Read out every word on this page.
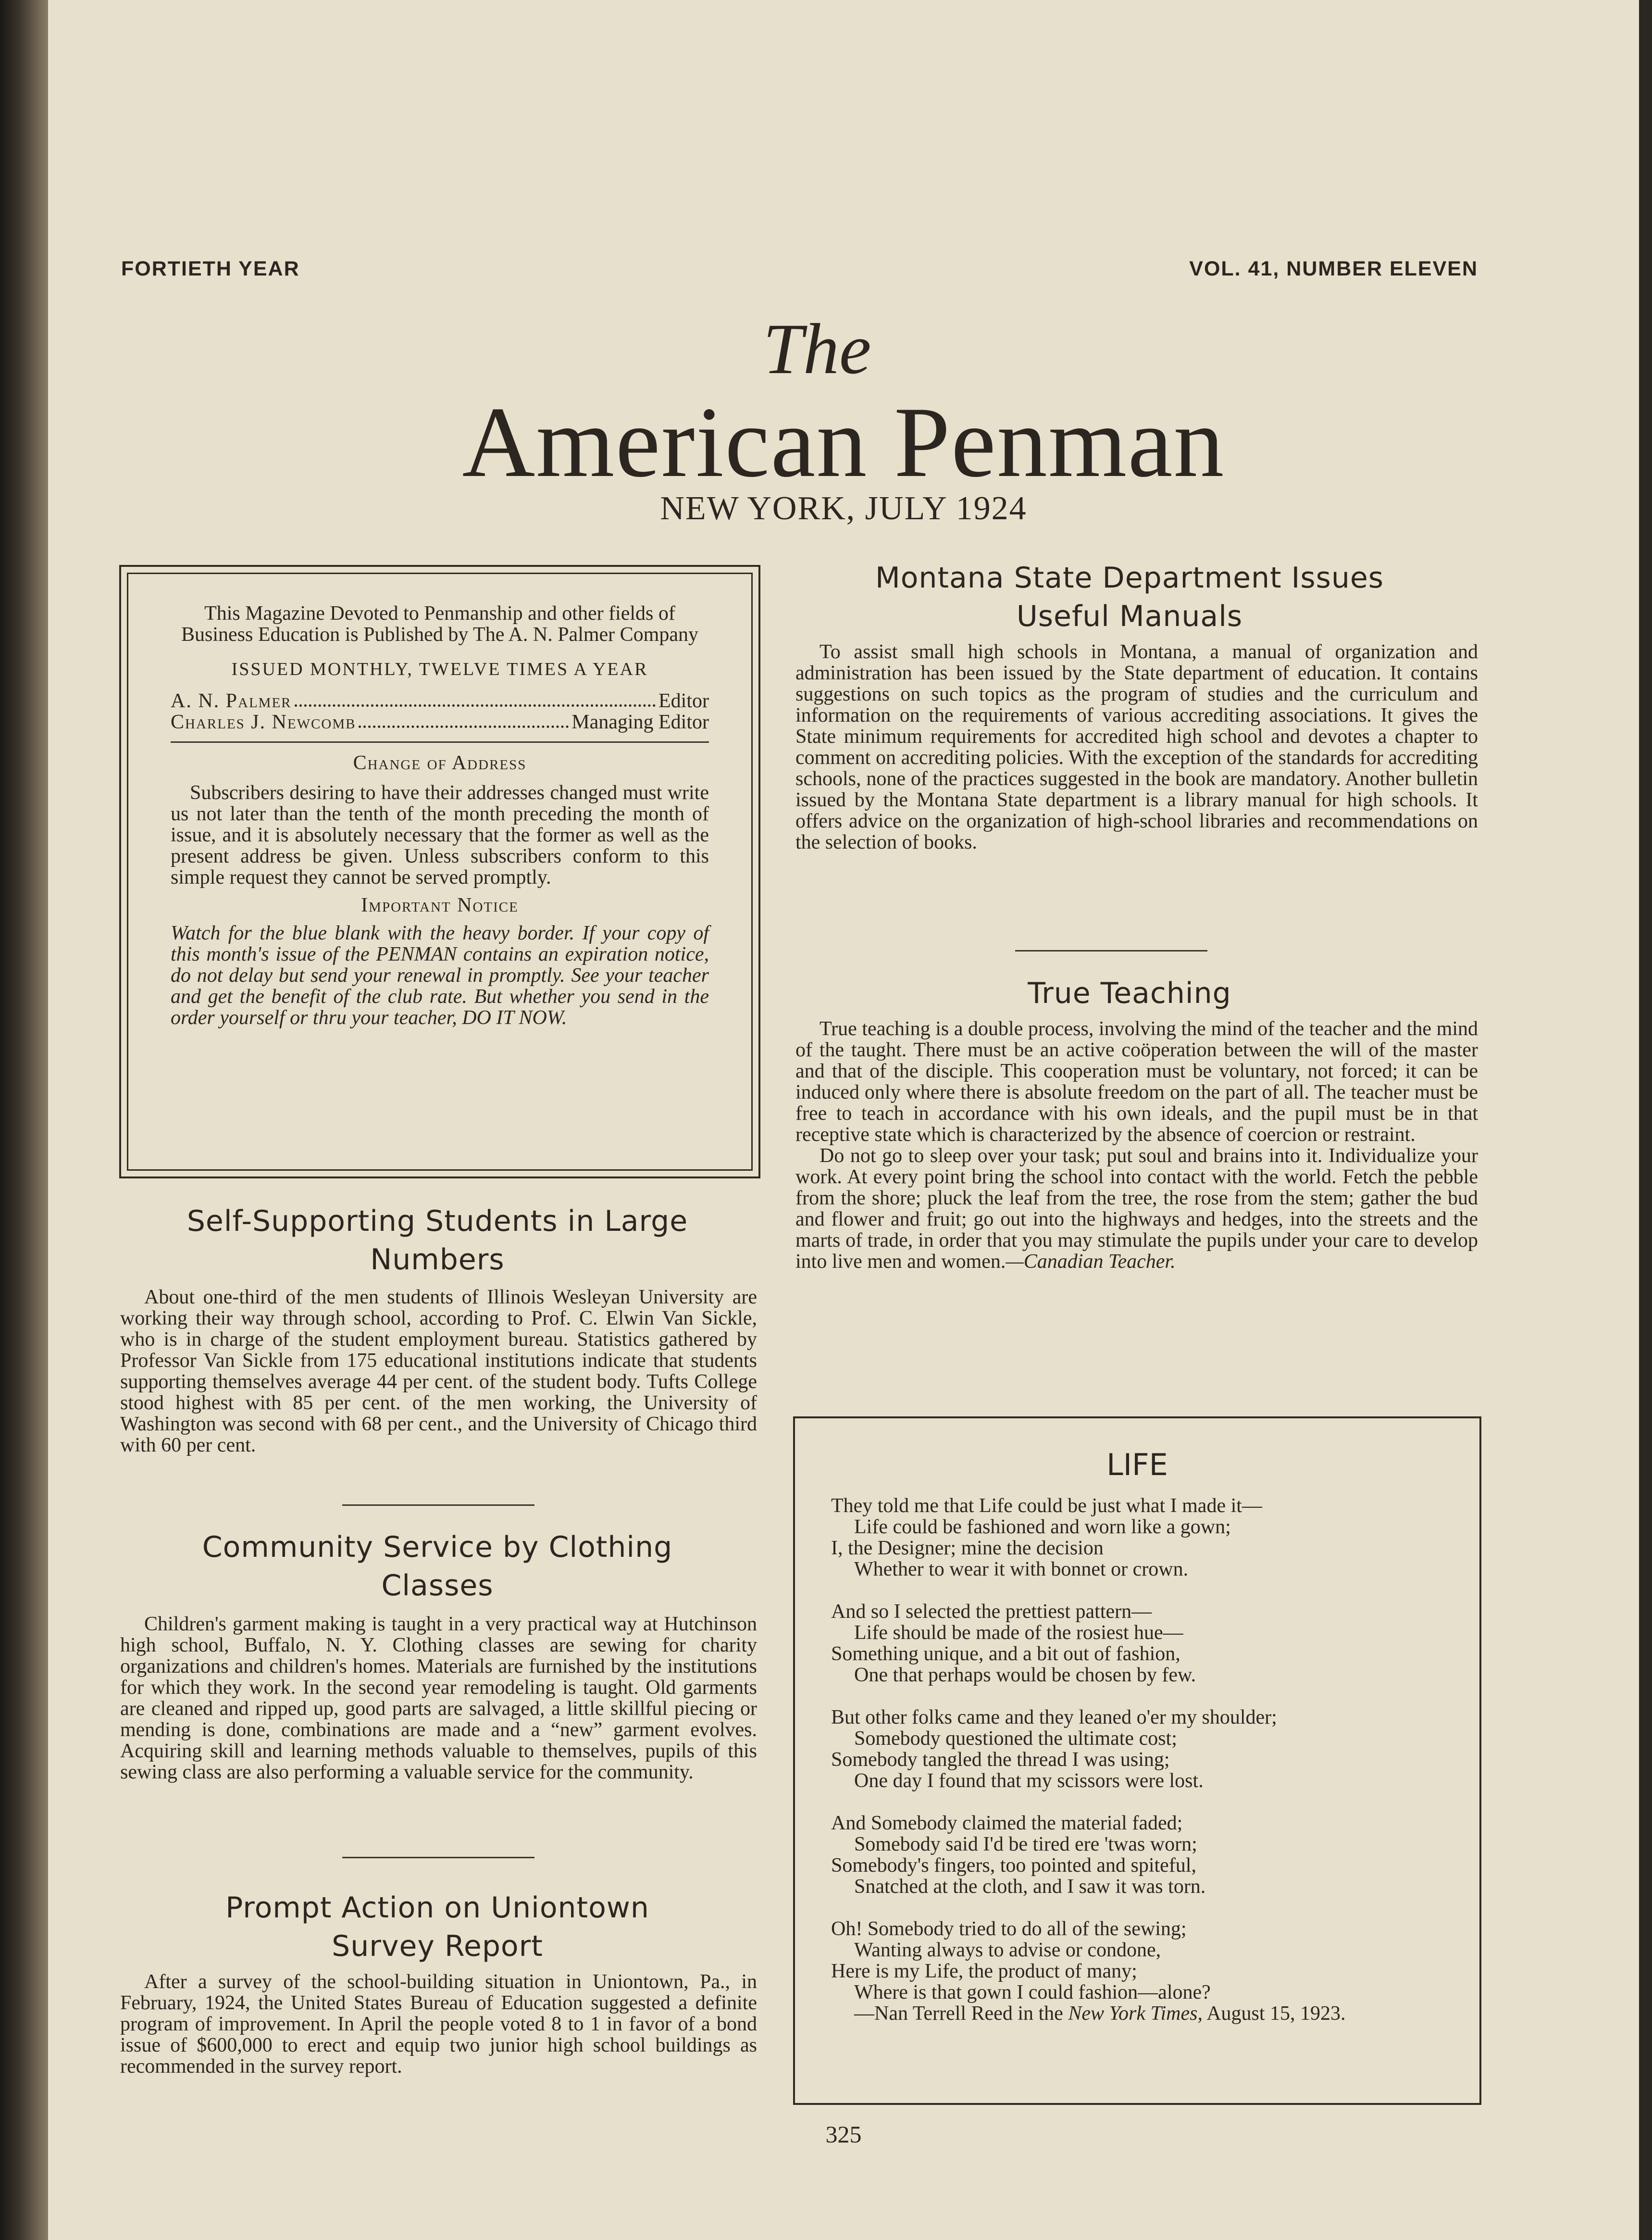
FORTIETH YEAR	VOL. 41, NUMBER ELEVEN
The
American Penman
NEW YORK, JULY 1924
This Magazine Devoted to Penmanship and other fields of Business Education is Published by The A. N. Palmer Company
ISSUED MONTHLY, TWELVE TIMES A YEAR
A. N. Palmer	Editor
Charles J. Newcomb	Managing Editor
Change of Address
Subscribers desiring to have their addresses changed must write us not later than the tenth of the month preceding the month of issue, and it is absolutely necessary that the former as well as the present address be given. Unless subscribers conform to this simple request they cannot be served promptly.
Important Notice
Watch for the blue blank with the heavy border. If your copy of this month's issue of the PENMAN contains an expiration notice, do not delay but send your renewal in promptly. See your teacher and get the benefit of the club rate. But whether you send in the order yourself or thru your teacher, DO IT NOW.
Self-Supporting Students in Large Numbers

About one-third of the men students of Illinois Wesleyan University are working their way through school, according to Prof. C. Elwin Van Sickle, who is in charge of the student employment bureau. Statistics gathered by Professor Van Sickle from 175 educational institutions indicate that students supporting themselves average 44 per cent. of the student body. Tufts College stood highest with 85 per cent. of the men working, the University of Washington was second with 68 per cent., and the University of Chicago third with 60 per cent.

Community Service by Clothing Classes

Children's garment making is taught in a very practical way at Hutchinson high school, Buffalo, N. Y. Clothing classes are sewing for charity organizations and children's homes. Materials are furnished by the institutions for which they work. In the second year remodeling is taught. Old garments are cleaned and ripped up, good parts are salvaged, a little skillful piecing or mending is done, combinations are made and a “new” garment evolves. Acquiring skill and learning methods valuable to themselves, pupils of this sewing class are also performing a valuable service for the community.

Prompt Action on Uniontown Survey Report

After a survey of the school-building situation in Uniontown, Pa., in February, 1924, the United States Bureau of Education suggested a definite program of improvement. In April the people voted 8 to 1 in favor of a bond issue of $600,000 to erect and equip two junior high school buildings as recommended in the survey report.

Montana State Department Issues Useful Manuals

To assist small high schools in Montana, a manual of organization and administration has been issued by the State department of education. It contains suggestions on such topics as the program of studies and the curriculum and information on the requirements of various accrediting associations. It gives the State minimum requirements for accredited high school and devotes a chapter to comment on accrediting policies. With the exception of the standards for accrediting schools, none of the practices suggested in the book are mandatory. Another bulletin issued by the Montana State department is a library manual for high schools. It offers advice on the organization of high-school libraries and recommendations on the selection of books.

True Teaching

True teaching is a double process, involving the mind of the teacher and the mind of the taught. There must be an active coöperation between the will of the master and that of the disciple. This cooperation must be voluntary, not forced; it can be induced only where there is absolute freedom on the part of all. The teacher must be free to teach in accordance with his own ideals, and the pupil must be in that receptive state which is characterized by the absence of coercion or restraint.

Do not go to sleep over your task; put soul and brains into it. Individualize your work. At every point bring the school into contact with the world. Fetch the pebble from the shore; pluck the leaf from the tree, the rose from the stem; gather the bud and flower and fruit; go out into the highways and hedges, into the streets and the marts of trade, in order that you may stimulate the pupils under your care to develop into live men and women.—Canadian Teacher.

LIFE
They told me that Life could be just what I made it—
Life could be fashioned and worn like a gown;
I, the Designer; mine the decision
Whether to wear it with bonnet or crown.
And so I selected the prettiest pattern—
Life should be made of the rosiest hue—
Something unique, and a bit out of fashion,
One that perhaps would be chosen by few.
But other folks came and they leaned o'er my shoulder;
Somebody questioned the ultimate cost;
Somebody tangled the thread I was using;
One day I found that my scissors were lost.
And Somebody claimed the material faded;
Somebody said I'd be tired ere 'twas worn;
Somebody's fingers, too pointed and spiteful,
Snatched at the cloth, and I saw it was torn.
Oh! Somebody tried to do all of the sewing;
Wanting always to advise or condone,
Here is my Life, the product of many;
Where is that gown I could fashion—alone?
—Nan Terrell Reed in the New York Times, August 15, 1923.
325
